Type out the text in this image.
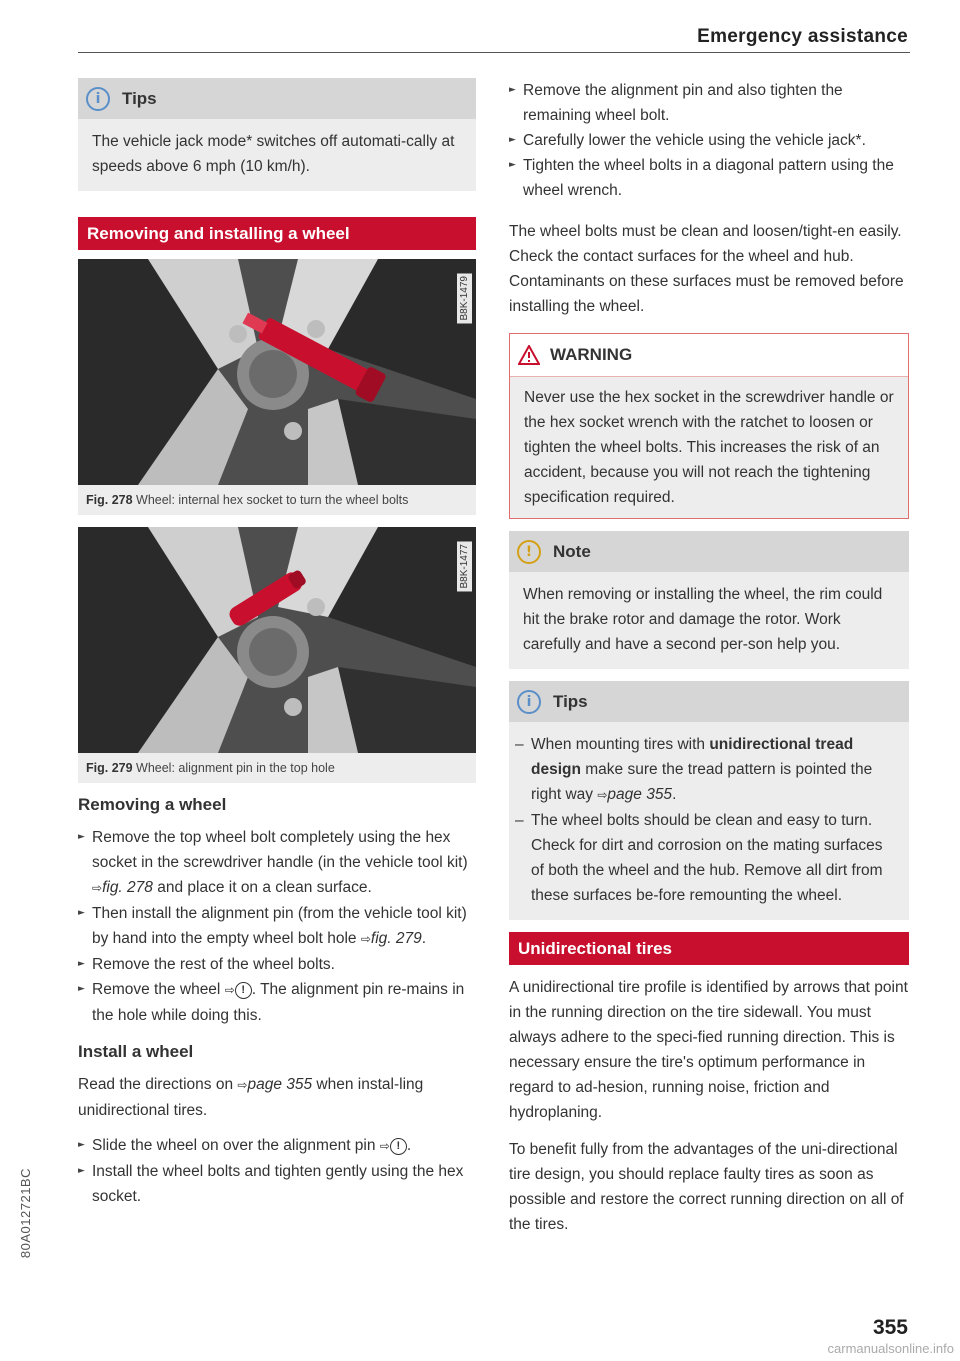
Emergency assistance
i	Tips
The vehicle jack mode* switches off automati-cally at speeds above 6 mph (10 km/h).
Removing and installing a wheel
B8K-1479
Fig. 278 Wheel: internal hex socket to turn the wheel bolts
B8K-1477
Fig. 279 Wheel: alignment pin in the top hole
Removing a wheel
► Remove the top wheel bolt completely using the hex socket in the screwdriver handle (in the vehicle tool kit) ⇨fig. 278 and place it on a clean surface.
► Then install the alignment pin (from the vehicle tool kit) by hand into the empty wheel bolt hole ⇨fig. 279.
► Remove the rest of the wheel bolts.
► Remove the wheel ⇨ ! . The alignment pin re-mains in the hole while doing this.
Install a wheel

Read the directions on ⇨page 355 when instal-ling unidirectional tires.

► Slide the wheel on over the alignment pin ⇨ ! .
► Install the wheel bolts and tighten gently using the hex socket.
► Remove the alignment pin and also tighten the remaining wheel bolt.
► Carefully lower the vehicle using the vehicle jack*.
► Tighten the wheel bolts in a diagonal pattern using the wheel wrench.

The wheel bolts must be clean and loosen/tight-en easily. Check the contact surfaces for the wheel and hub. Contaminants on these surfaces must be removed before installing the wheel.

WARNING
Never use the hex socket in the screwdriver handle or the hex socket wrench with the ratchet to loosen or tighten the wheel bolts. This increases the risk of an accident, because you will not reach the tightening specification required.
!	Note
When removing or installing the wheel, the rim could hit the brake rotor and damage the rotor. Work carefully and have a second per-son help you.
i	Tips
– When mounting tires with unidirectional tread design make sure the tread pattern is pointed the right way ⇨page 355.
– The wheel bolts should be clean and easy to turn. Check for dirt and corrosion on the mating surfaces of both the wheel and the hub. Remove all dirt from these surfaces be-fore remounting the wheel.
Unidirectional tires

A unidirectional tire profile is identified by arrows that point in the running direction on the tire sidewall. You must always adhere to the speci-fied running direction. This is necessary ensure the tire's optimum performance in regard to ad-hesion, running noise, friction and hydroplaning.

To benefit fully from the advantages of the uni-directional tire design, you should replace faulty tires as soon as possible and restore the correct running direction on all of the tires.

80A012721BC
355
carmanualsonline.info
